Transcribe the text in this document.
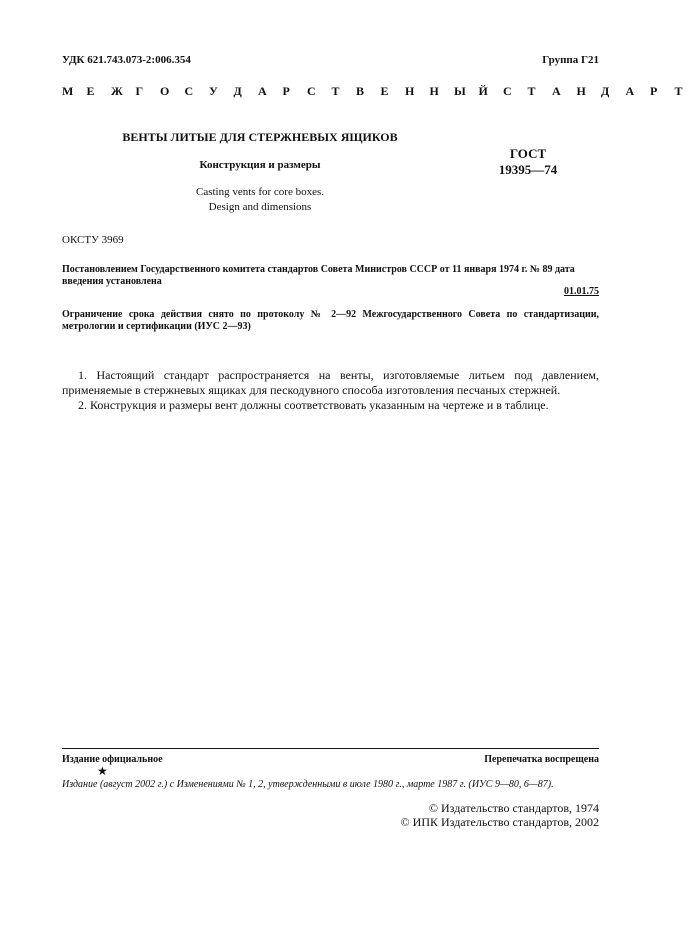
УДК 621.743.073-2:006.354	Группа Г21
М	Е	Ж	Г	О	С	У	Д	А	Р	С	Т	В	Е	Н	Н	Ы	Й	С	Т	А	Н	Д	А	Р	Т
ВЕНТЫ ЛИТЫЕ ДЛЯ СТЕРЖНЕВЫХ ЯЩИКОВ
Конструкция и размеры
Casting vents for core boxes.
Design and dimensions
ГОСТ
19395—74
ОКСТУ 3969
Постановлением Государственного комитета стандартов Совета Министров СССР от 11 января 1974 г. № 89 дата введения установлена
01.01.75
Ограничение срока действия снято по протоколу № 2—92 Межгосударственного Совета по стандартизации, метрологии и сертификации (ИУС 2—93)

1. Настоящий стандарт распространяется на венты, изготовляемые литьем под давлением, применяемые в стержневых ящиках для пескодувного способа изготовления песчаных стержней.

2. Конструкция и размеры вент должны соответствовать указанным на чертеже и в таблице.

Издание официальное	Перепечатка воспрещена
★
Издание (август 2002 г.) с Изменениями № 1, 2, утвержденными в июле 1980 г., марте 1987 г. (ИУС 9—80, 6—87).
© Издательство стандартов, 1974
© ИПК Издательство стандартов, 2002
